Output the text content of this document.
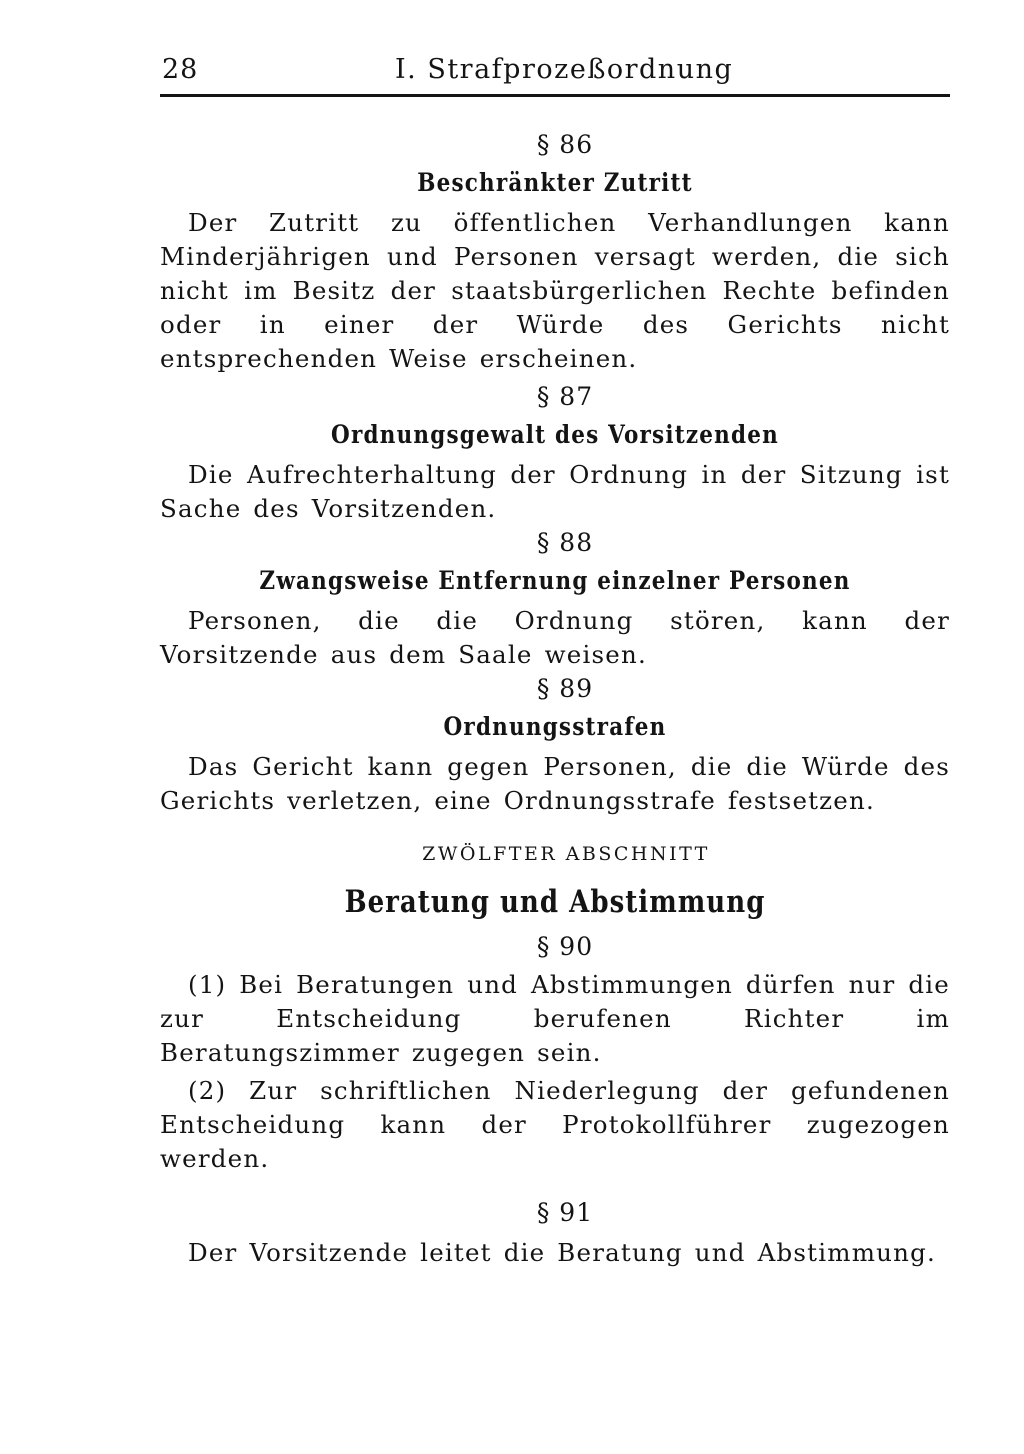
28	I. Strafprozeßordnung
§ 86
Beschränkter Zutritt

Der Zutritt zu öffentlichen Verhandlungen kann Minderjährigen und Personen versagt werden, die sich nicht im Besitz der staatsbürgerlichen Rechte befinden oder in einer der Würde des Gerichts nicht entsprechenden Weise erscheinen.

§ 87
Ordnungsgewalt des Vorsitzenden

Die Aufrechterhaltung der Ordnung in der Sitzung ist Sache des Vorsitzenden.

§ 88
Zwangsweise Entfernung einzelner Personen

Personen, die die Ordnung stören, kann der Vorsitzende aus dem Saale weisen.

§ 89
Ordnungsstrafen

Das Gericht kann gegen Personen, die die Würde des Gerichts verletzen, eine Ordnungsstrafe festsetzen.

ZWÖLFTER ABSCHNITT
Beratung und Abstimmung
§ 90

(1) Bei Beratungen und Abstimmungen dürfen nur die zur Entscheidung berufenen Richter im Beratungszimmer zugegen sein.

(2) Zur schriftlichen Niederlegung der gefundenen Entscheidung kann der Protokollführer zugezogen werden.

§ 91

Der Vorsitzende leitet die Beratung und Abstimmung.
